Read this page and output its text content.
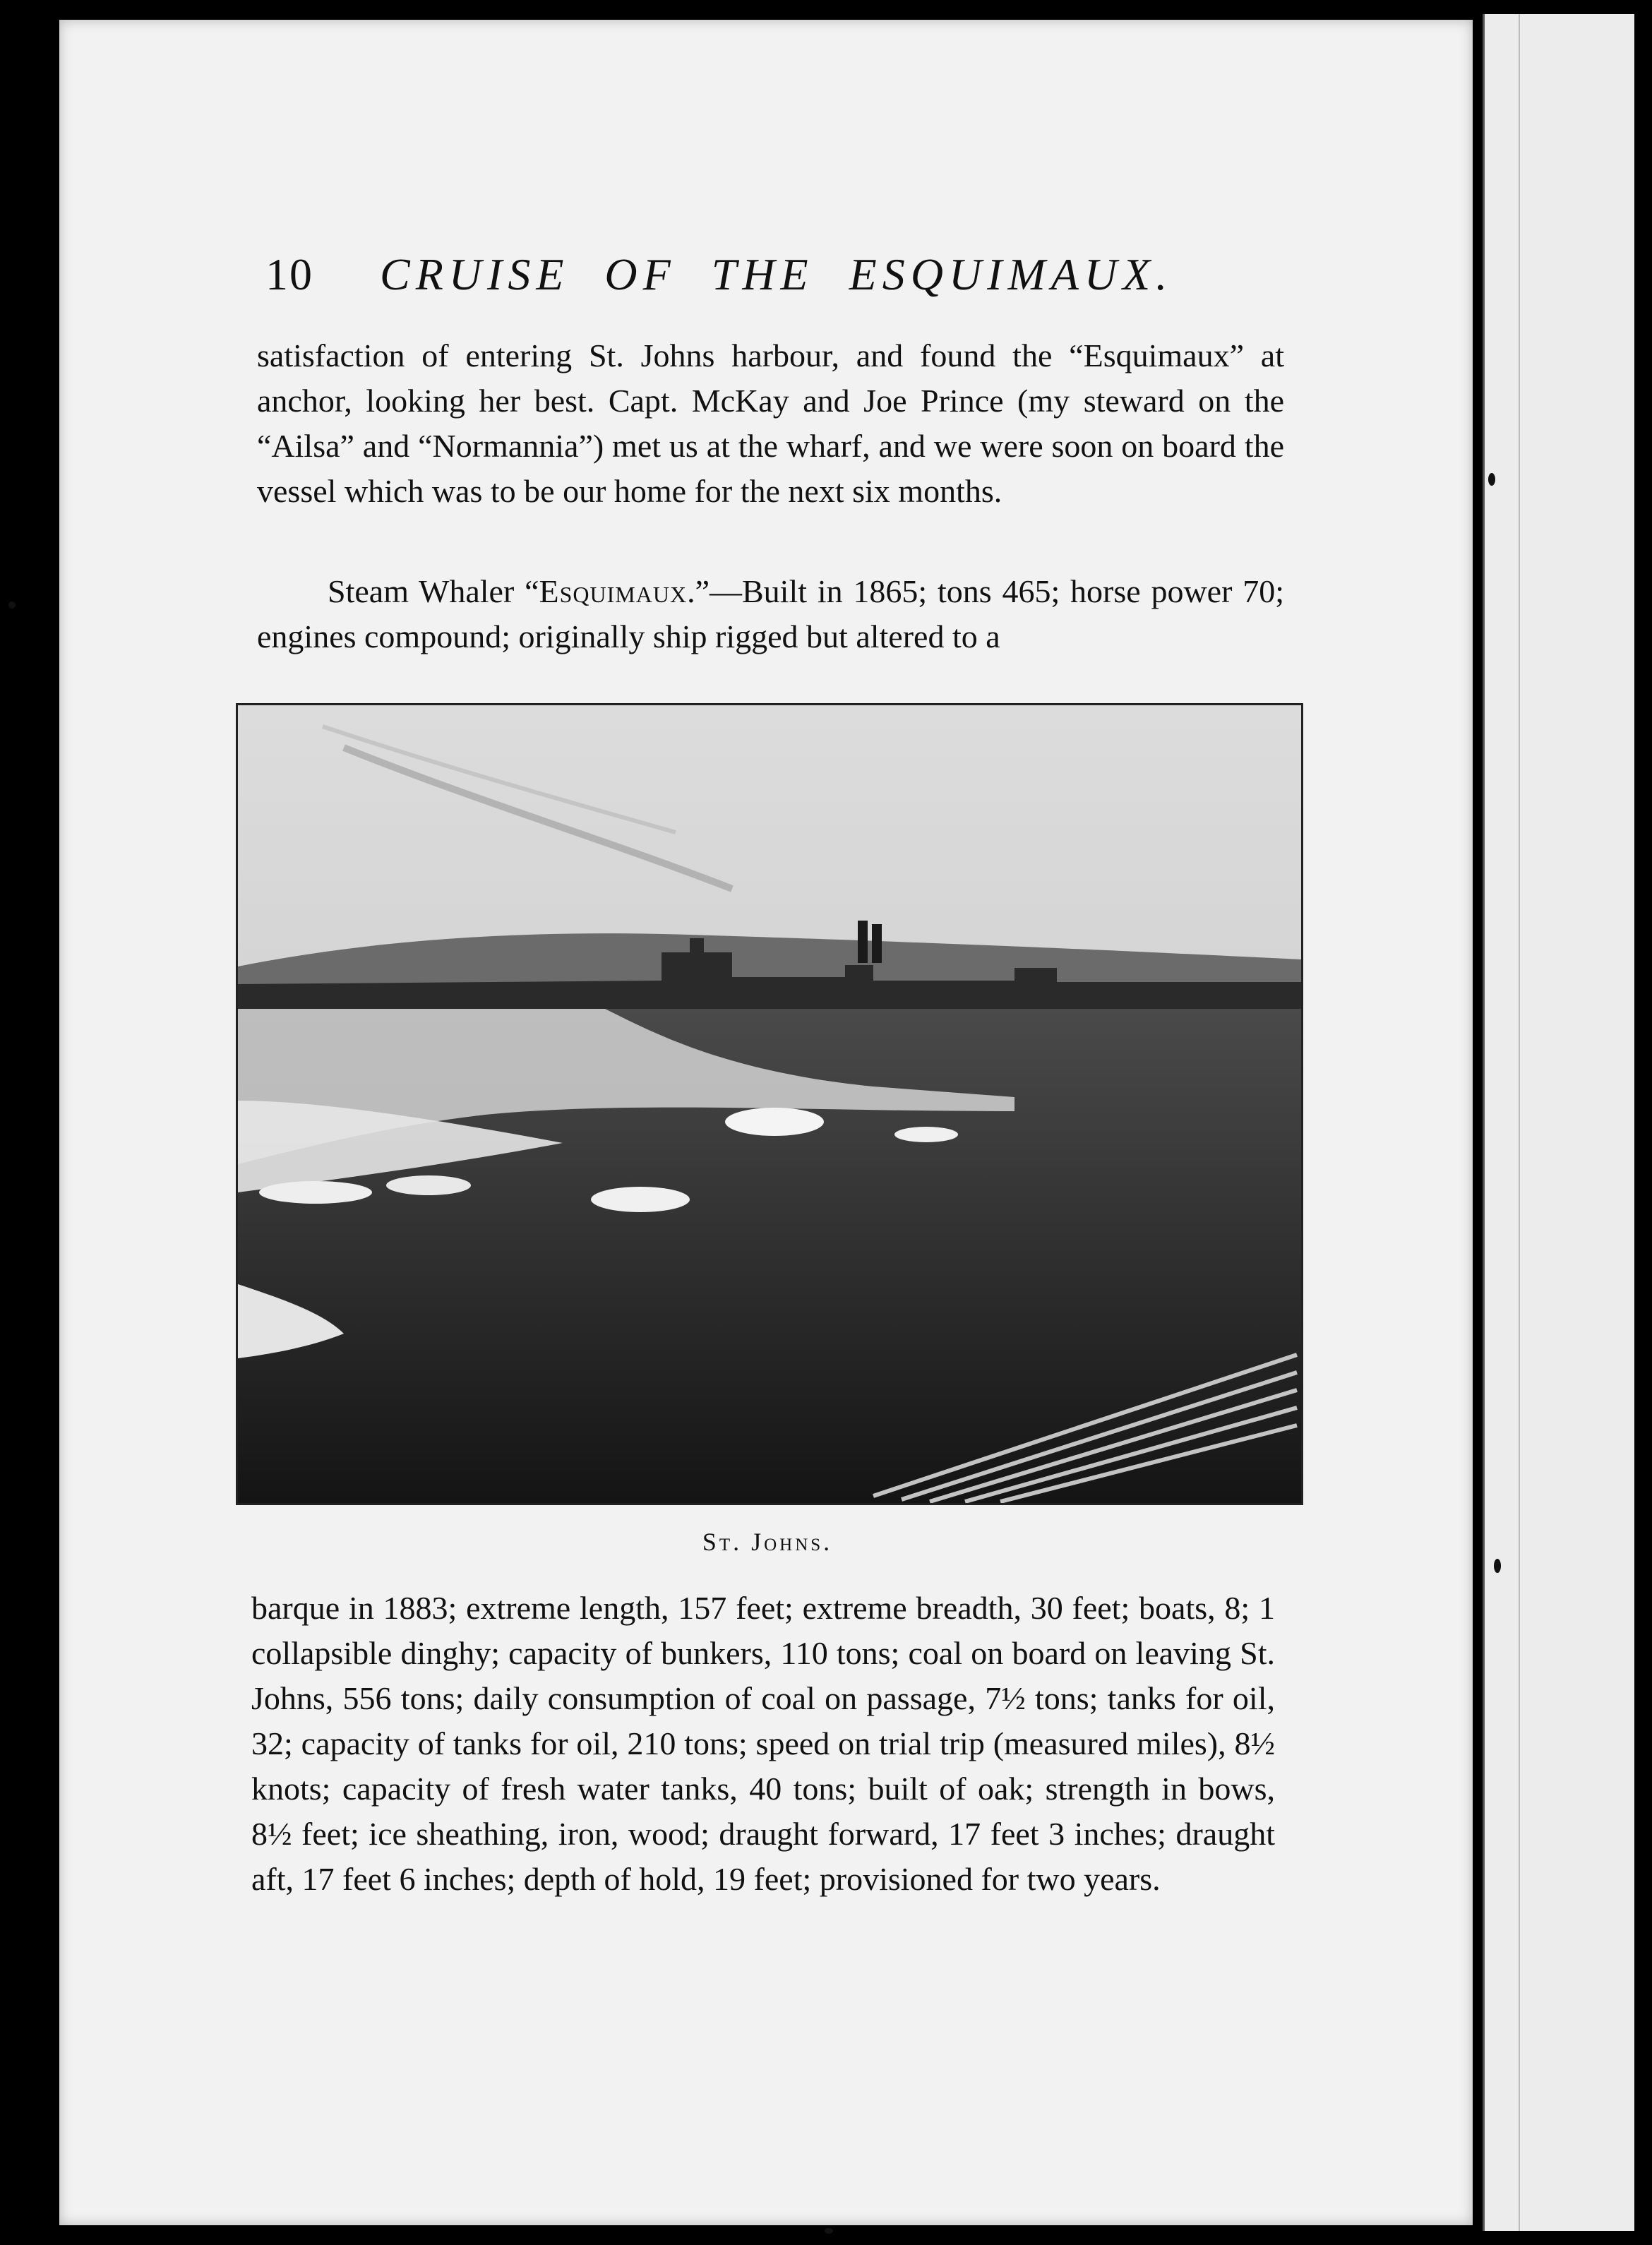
10 CRUISE OF THE ESQUIMAUX.

satisfaction of entering St. Johns harbour, and found the “Esquimaux” at anchor, looking her best. Capt. McKay and Joe Prince (my steward on the “Ailsa” and “Normannia”) met us at the wharf, and we were soon on board the vessel which was to be our home for the next six months.

Steam Whaler “Esquimaux.”—Built in 1865; tons 465; horse power 70; engines compound; originally ship rigged but altered to a

St. Johns.

barque in 1883; extreme length, 157 feet; extreme breadth, 30 feet; boats, 8; 1 collapsible dinghy; capacity of bunkers, 110 tons; coal on board on leaving St. Johns, 556 tons; daily consumption of coal on passage, 7½ tons; tanks for oil, 32; capacity of tanks for oil, 210 tons; speed on trial trip (measured miles), 8½ knots; capacity of fresh water tanks, 40 tons; built of oak; strength in bows, 8½ feet; ice sheathing, iron, wood; draught forward, 17 feet 3 inches; draught aft, 17 feet 6 inches; depth of hold, 19 feet; provisioned for two years.
